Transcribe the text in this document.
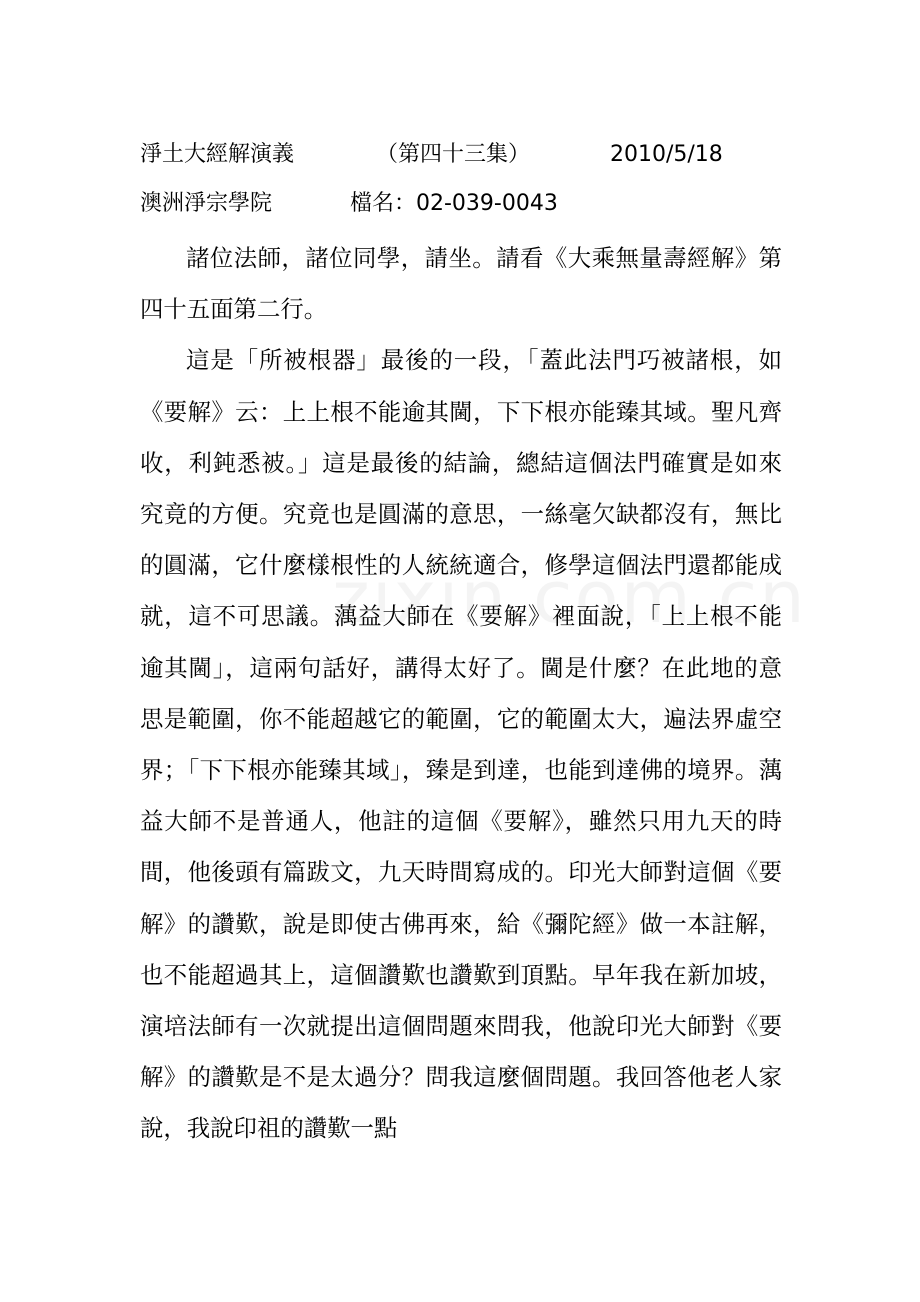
淨土大經解演義	（第四十三集）	2010/5/18
澳洲淨宗學院	檔名：02-039-0043

諸位法師，諸位同學，請坐。請看《大乘無量壽經解》第四十五面第二行。

這是「所被根器」最後的一段，「蓋此法門巧被諸根，如《要解》云：上上根不能逾其閫，下下根亦能臻其域。聖凡齊收，利鈍悉被。」這是最後的結論，總結這個法門確實是如來究竟的方便。究竟也是圓滿的意思，一絲毫欠缺都沒有，無比的圓滿，它什麼樣根性的人統統適合，修學這個法門還都能成就，這不可思議。蕅益大師在《要解》裡面說，「上上根不能逾其閫」，這兩句話好，講得太好了。閫是什麼？在此地的意思是範圍，你不能超越它的範圍，它的範圍太大，遍法界虛空界；「下下根亦能臻其域」，臻是到達，也能到達佛的境界。蕅益大師不是普通人，他註的這個《要解》，雖然只用九天的時間，他後頭有篇跋文，九天時間寫成的。印光大師對這個《要解》的讚歎，說是即使古佛再來，給《彌陀經》做一本註解，也不能超過其上，這個讚歎也讚歎到頂點。早年我在新加坡，演培法師有一次就提出這個問題來問我，他說印光大師對《要解》的讚歎是不是太過分？問我這麼個問題。我回答他老人家說，我說印祖的讚歎一點
